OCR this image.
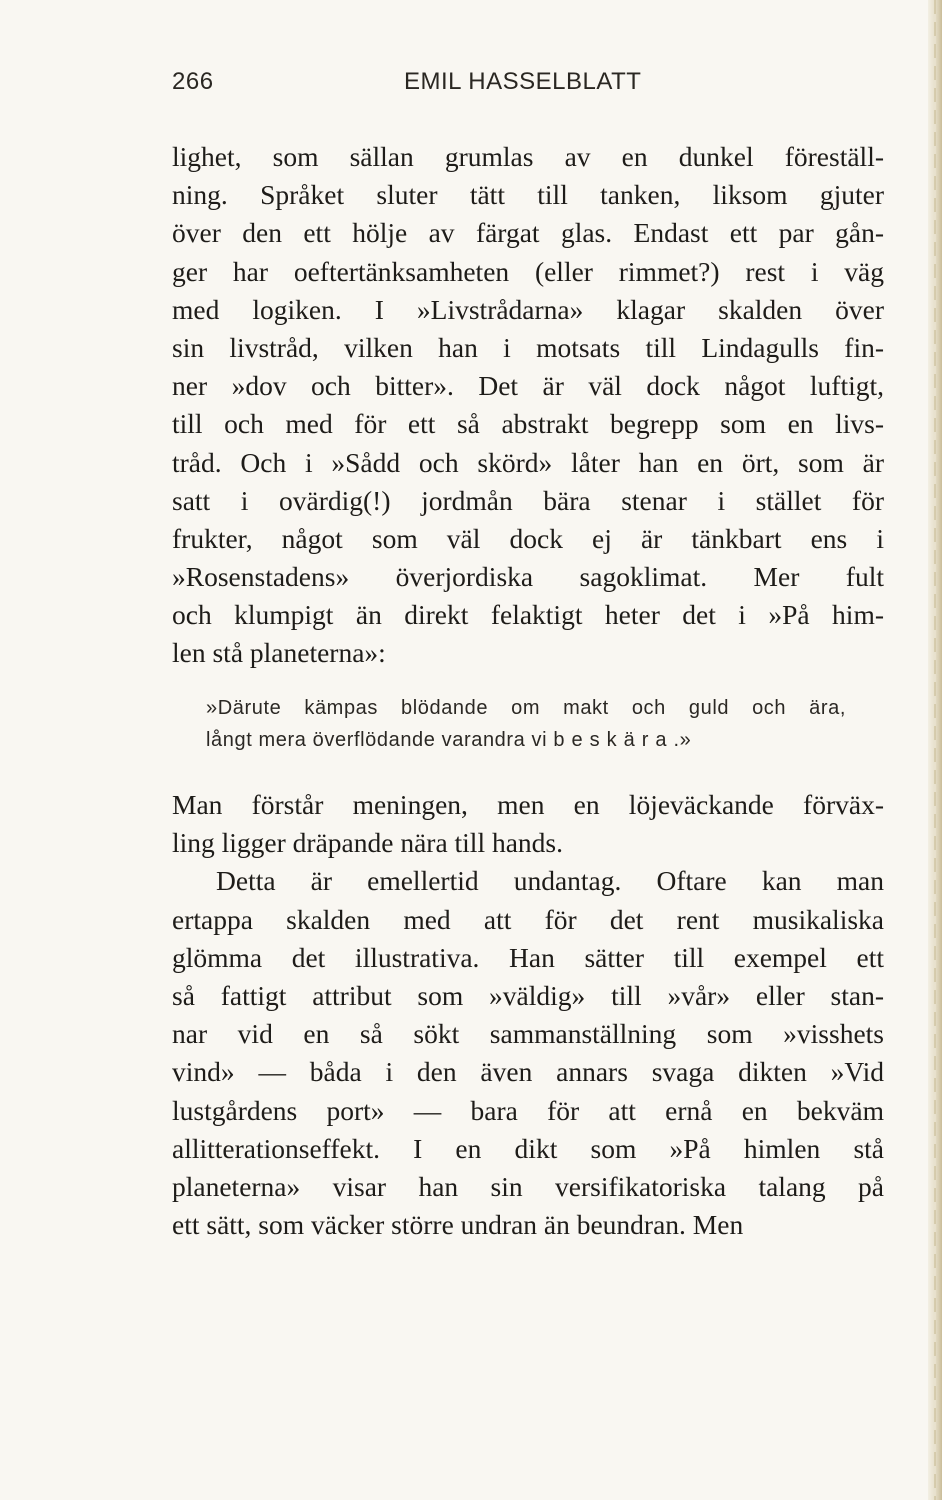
266	EMIL HASSELBLATT
lighet, som sällan grumlas av en dunkel föreställ-
ning. Språket sluter tätt till tanken, liksom gjuter
över den ett hölje av färgat glas. Endast ett par gån-
ger har oeftertänksamheten (eller rimmet?) rest i väg
med logiken. I »Livstrådarna» klagar skalden över
sin livstråd, vilken han i motsats till Lindagulls fin-
ner »dov och bitter». Det är väl dock något luftigt,
till och med för ett så abstrakt begrepp som en livs-
tråd. Och i »Sådd och skörd» låter han en ört, som är
satt i ovärdig(!) jordmån bära stenar i stället för
frukter, något som väl dock ej är tänkbart ens i
»Rosenstadens» överjordiska sagoklimat. Mer fult
och klumpigt än direkt felaktigt heter det i »På him-
len stå planeterna»:
»Därute kämpas blödande om makt och guld och ära,
långt mera överflödande varandra vi beskära.»
Man förstår meningen, men en löjeväckande förväx-
ling ligger dräpande nära till hands.
Detta är emellertid undantag. Oftare kan man
ertappa skalden med att för det rent musikaliska
glömma det illustrativa. Han sätter till exempel ett
så fattigt attribut som »väldig» till »vår» eller stan-
nar vid en så sökt sammanställning som »visshets
vind» — båda i den även annars svaga dikten »Vid
lustgårdens port» — bara för att ernå en bekväm
allitterationseffekt. I en dikt som »På himlen stå
planeterna» visar han sin versifikatoriska talang på
ett sätt, som väcker större undran än beundran. Men
